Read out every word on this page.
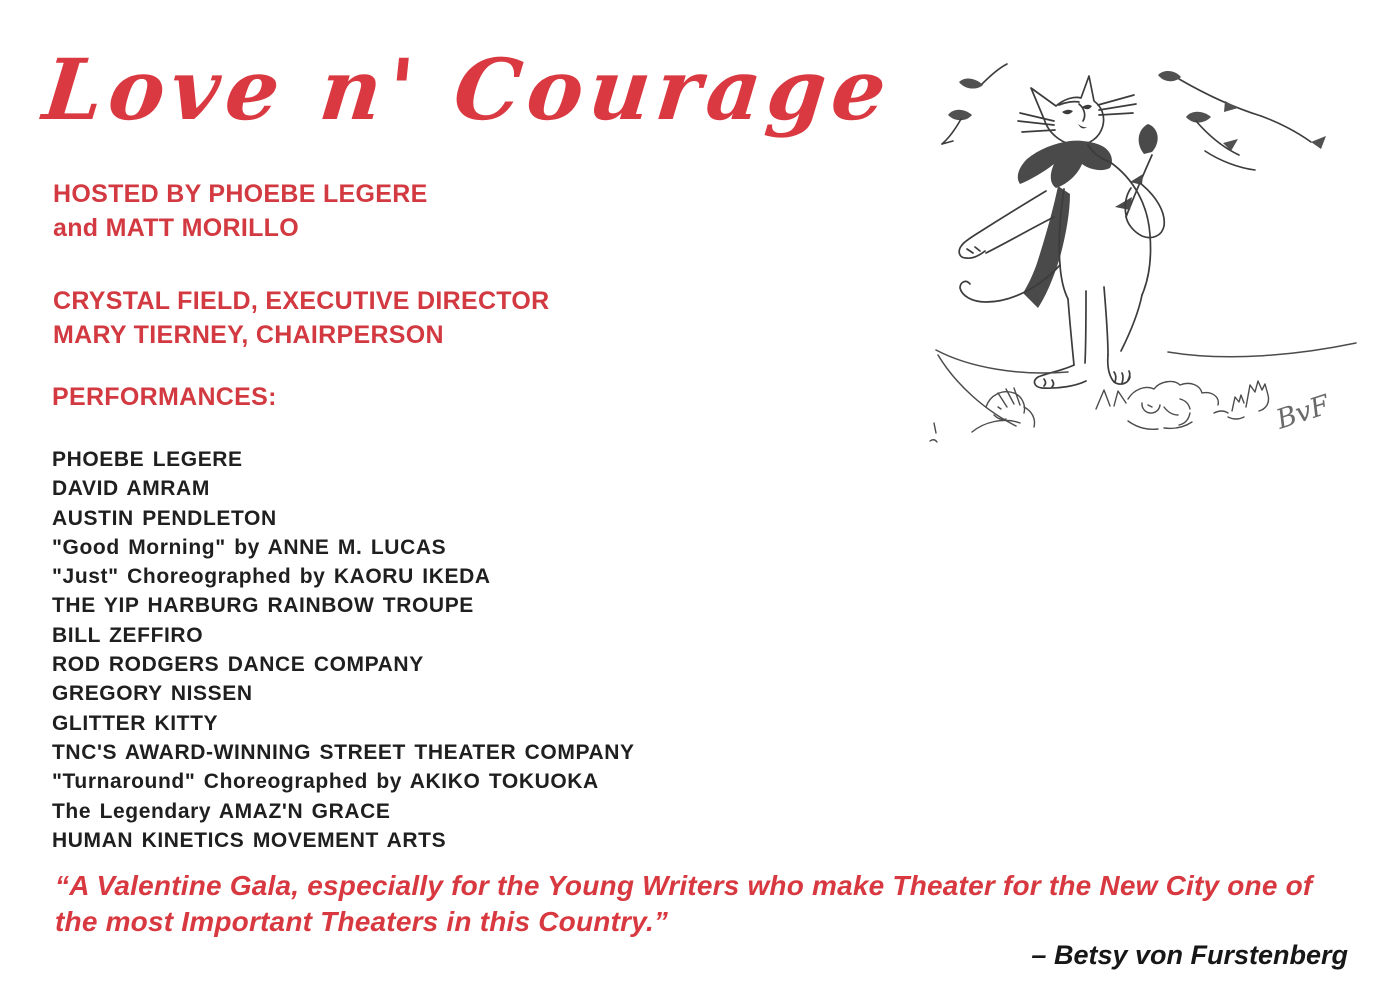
Love n' Courage
HOSTED BY PHOEBE LEGERE
and MATT MORILLO
CRYSTAL FIELD, EXECUTIVE DIRECTOR
MARY TIERNEY, CHAIRPERSON
PERFORMANCES:
PHOEBE LEGERE
DAVID AMRAM
AUSTIN PENDLETON
"Good Morning" by ANNE M. LUCAS
"Just" Choreographed by KAORU IKEDA
THE YIP HARBURG RAINBOW TROUPE
BILL ZEFFIRO
ROD RODGERS DANCE COMPANY
GREGORY NISSEN
GLITTER KITTY
TNC'S AWARD-WINNING STREET THEATER COMPANY
"Turnaround" Choreographed by AKIKO TOKUOKA
The Legendary AMAZ'N GRACE
HUMAN KINETICS MOVEMENT ARTS
“A Valentine Gala, especially for the Young Writers who make Theater for the New City one of the most Important Theaters in this Country.”
– Betsy von Furstenberg
BvF
